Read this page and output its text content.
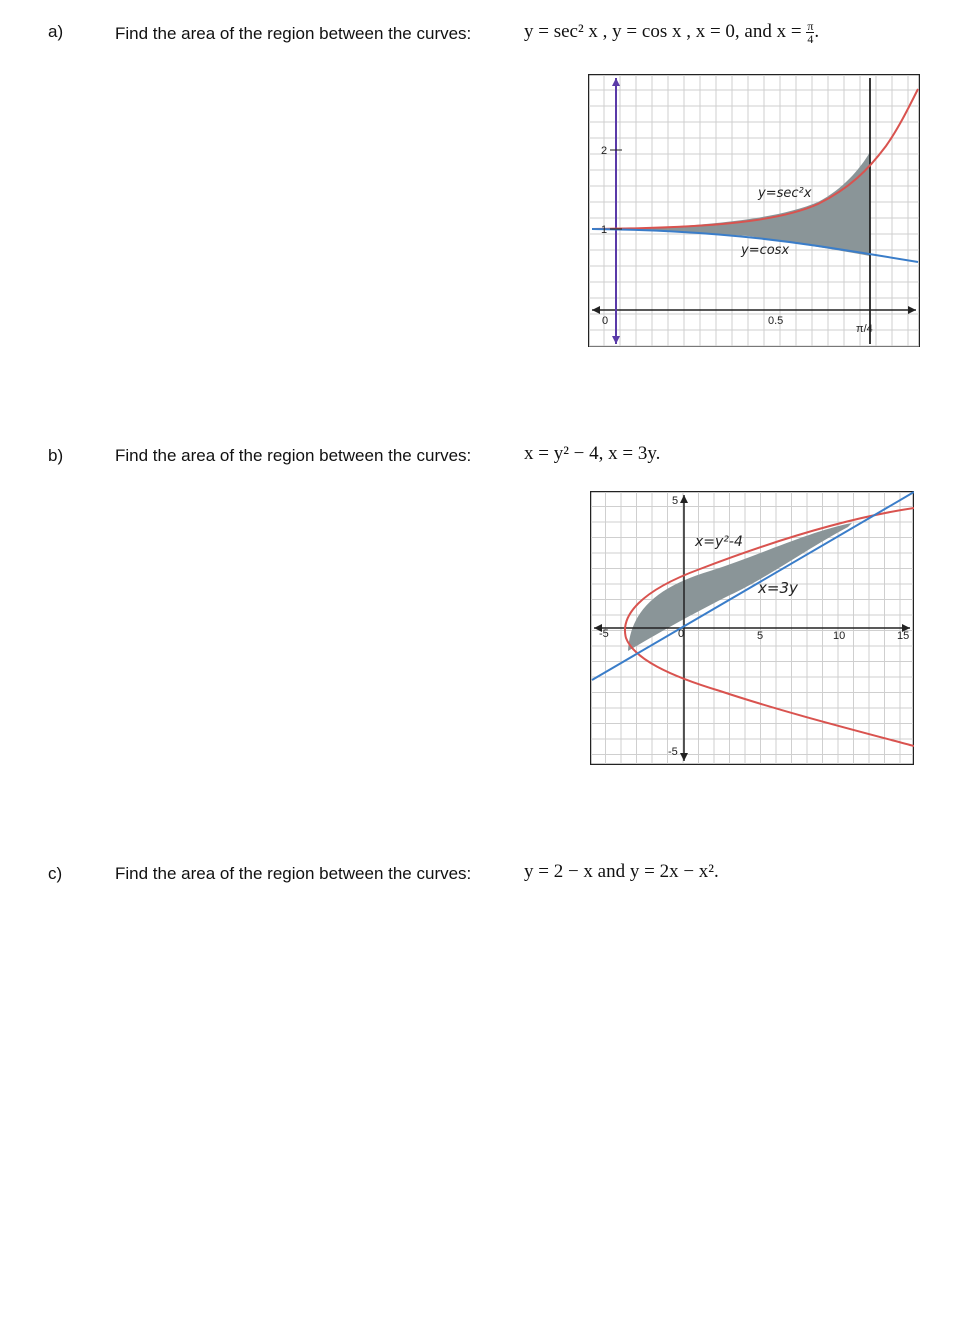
a)	Find the area of the region between the curves:	y = sec² x , y = cos x , x = 0, and $x = \frac{\pi}{4}$ .
2
1
0	0.5
π/4
y=sec²x
y=cosx
b)	Find the area of the region between the curves:	x = y² − 4, x = 3y.
-5	0	5	10	15
5
-5
x=y²-4
x=3y
c)	Find the area of the region between the curves:	y = 2 − x and y = 2x − x².
